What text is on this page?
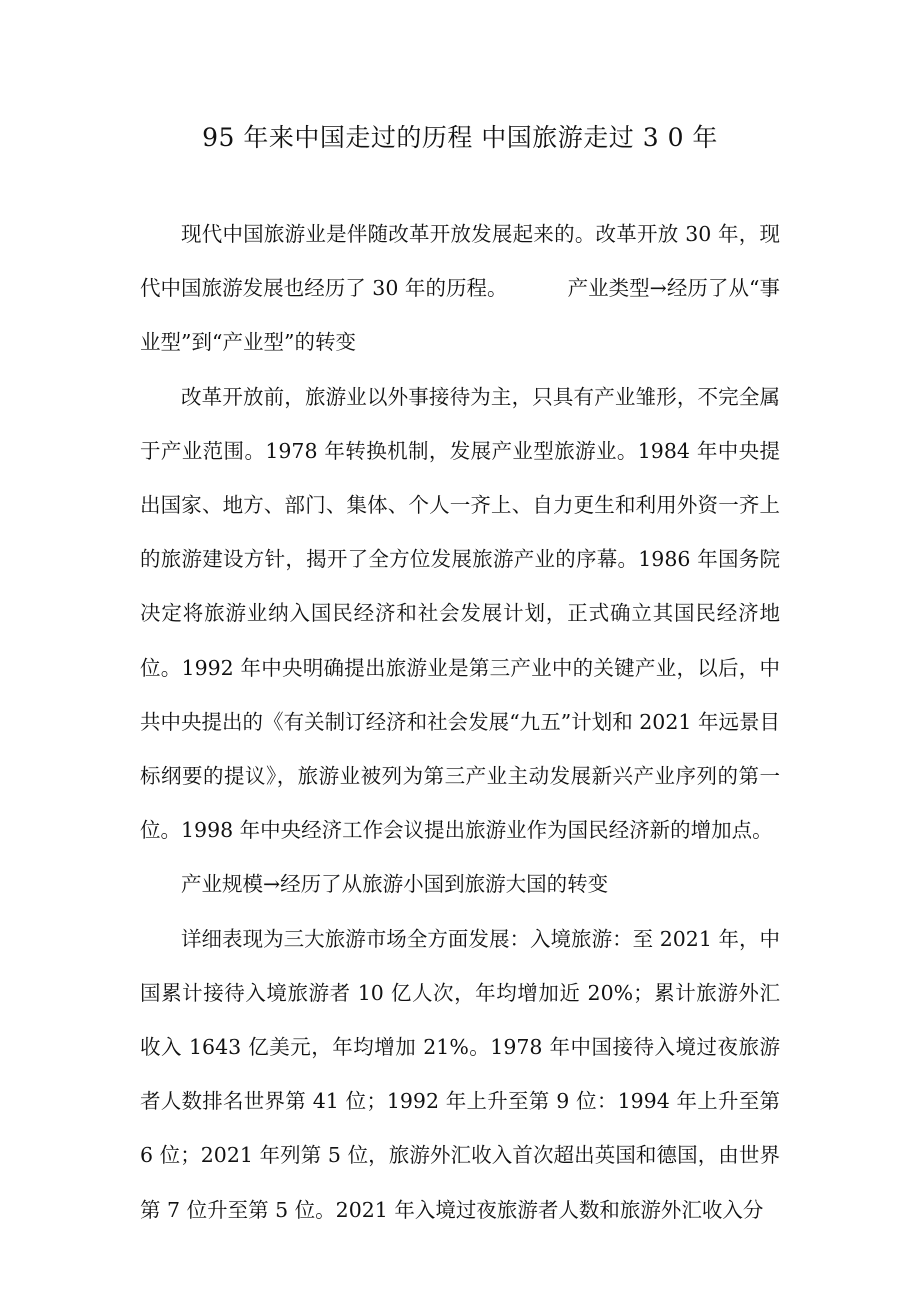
95 年来中国走过的历程 中国旅游走过 3 0 年

现代中国旅游业是伴随改革开放发展起来的。改革开放 30 年，现代中国旅游发展也经历了 30 年的历程。	产业类型→经历了从“事业型”到“产业型”的转变

改革开放前，旅游业以外事接待为主，只具有产业雏形，不完全属于产业范围。1978 年转换机制，发展产业型旅游业。1984 年中央提出国家、地方、部门、集体、个人一齐上、自力更生和利用外资一齐上的旅游建设方针，揭开了全方位发展旅游产业的序幕。1986 年国务院决定将旅游业纳入国民经济和社会发展计划，正式确立其国民经济地位。1992 年中央明确提出旅游业是第三产业中的关键产业，以后，中共中央提出的《有关制订经济和社会发展“九五”计划和 2021 年远景目标纲要的提议》，旅游业被列为第三产业主动发展新兴产业序列的第一位。1998 年中央经济工作会议提出旅游业作为国民经济新的增加点。

产业规模→经历了从旅游小国到旅游大国的转变

详细表现为三大旅游市场全方面发展：入境旅游：至 2021 年，中国累计接待入境旅游者 10 亿人次，年均增加近 20%；累计旅游外汇收入 1643 亿美元，年均增加 21%。1978 年中国接待入境过夜旅游者人数排名世界第 41 位；1992 年上升至第 9 位：1994 年上升至第 6 位；2021 年列第 5 位，旅游外汇收入首次超出英国和德国，由世界第 7 位升至第 5 位。2021 年入境过夜旅游者人数和旅游外汇收入分
